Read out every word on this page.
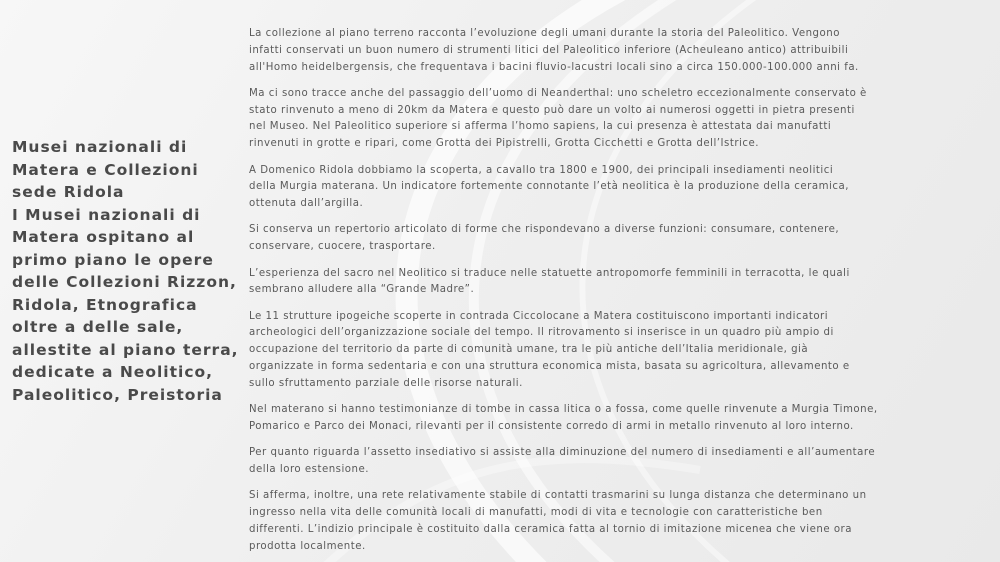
Musei nazionali di
Matera e Collezioni
sede Ridola
I Musei nazionali di
Matera ospitano al
primo piano le opere
delle Collezioni Rizzon,
Ridola, Etnografica
oltre a delle sale,
allestite al piano terra,
dedicate a Neolitico,
Paleolitico, Preistoria
La collezione al piano terreno racconta l’evoluzione degli umani durante la storia del Paleolitico. Vengono
infatti conservati un buon numero di strumenti litici del Paleolitico inferiore (Acheuleano antico) attribuibili
all'Homo heidelbergensis, che frequentava i bacini fluvio-lacustri locali sino a circa 150.000-100.000 anni fa.
Ma ci sono tracce anche del passaggio dell’uomo di Neanderthal: uno scheletro eccezionalmente conservato è
stato rinvenuto a meno di 20km da Matera e questo può dare un volto ai numerosi oggetti in pietra presenti
nel Museo. Nel Paleolitico superiore si afferma l’homo sapiens, la cui presenza è attestata dai manufatti
rinvenuti in grotte e ripari, come Grotta dei Pipistrelli, Grotta Cicchetti e Grotta dell’Istrice.
A Domenico Ridola dobbiamo la scoperta, a cavallo tra 1800 e 1900, dei principali insediamenti neolitici
della Murgia materana. Un indicatore fortemente connotante l’età neolitica è la produzione della ceramica,
ottenuta dall’argilla.
Si conserva un repertorio articolato di forme che rispondevano a diverse funzioni: consumare, contenere,
conservare, cuocere, trasportare.
L’esperienza del sacro nel Neolitico si traduce nelle statuette antropomorfe femminili in terracotta, le quali
sembrano alludere alla “Grande Madre”.
Le 11 strutture ipogeiche scoperte in contrada Ciccolocane a Matera costituiscono importanti indicatori
archeologici dell’organizzazione sociale del tempo. Il ritrovamento si inserisce in un quadro più ampio di
occupazione del territorio da parte di comunità umane, tra le più antiche dell’Italia meridionale, già
organizzate in forma sedentaria e con una struttura economica mista, basata su agricoltura, allevamento e
sullo sfruttamento parziale delle risorse naturali.
Nel materano si hanno testimonianze di tombe in cassa litica o a fossa, come quelle rinvenute a Murgia Timone,
Pomarico e Parco dei Monaci, rilevanti per il consistente corredo di armi in metallo rinvenuto al loro interno.
Per quanto riguarda l’assetto insediativo si assiste alla diminuzione del numero di insediamenti e all’aumentare
della loro estensione.
Si afferma, inoltre, una rete relativamente stabile di contatti trasmarini su lunga distanza che determinano un
ingresso nella vita delle comunità locali di manufatti, modi di vita e tecnologie con caratteristiche ben
differenti. L’indizio principale è costituito dalla ceramica fatta al tornio di imitazione micenea che viene ora
prodotta localmente.
